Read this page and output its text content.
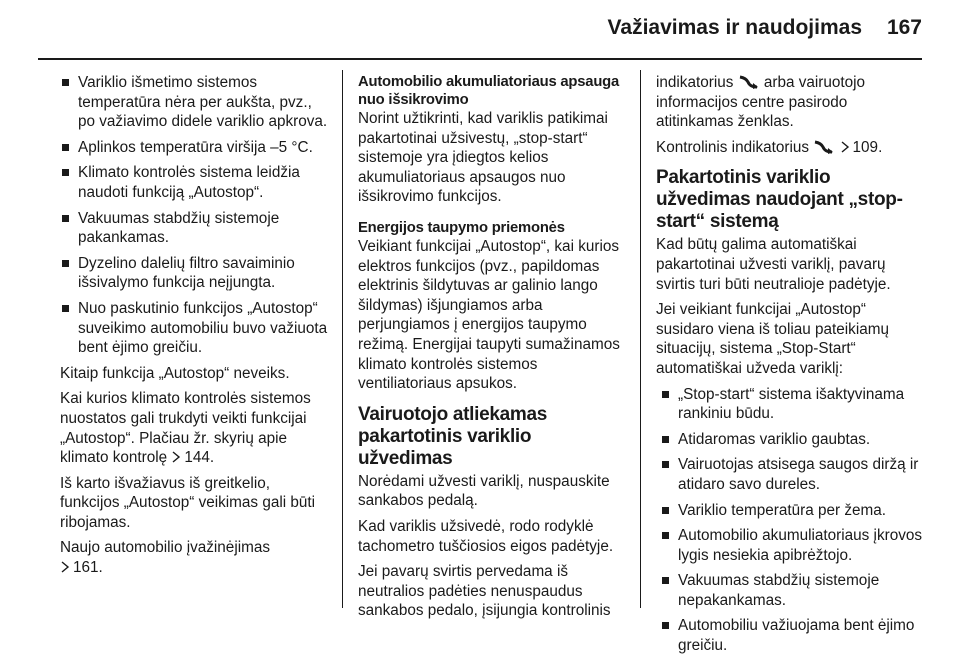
Važiavimas ir naudojimas 167
Variklio išmetimo sistemos temperatūra nėra per aukšta, pvz., po važiavimo didele variklio apkrova.
Aplinkos temperatūra viršija –5 °C.
Klimato kontrolės sistema leidžia naudoti funkciją „Autostop“.
Vakuumas stabdžių sistemoje pakankamas.
Dyzelino dalelių filtro savaiminio išsivalymo funkcija neįjungta.
Nuo paskutinio funkcijos „Autostop“ suveikimo automobiliu buvo važiuota bent ėjimo greičiu.

Kitaip funkcija „Autostop“ neveiks.

Kai kurios klimato kontrolės sistemos nuostatos gali trukdyti veikti funkcijai „Autostop“. Plačiau žr. skyrių apie klimato kontrolę 144.

Iš karto išvažiavus iš greitkelio, funkcijos „Autostop“ veikimas gali būti ribojamas.

Naujo automobilio įvažinėjimas
161.

Automobilio akumuliatoriaus apsauga nuo išsikrovimo

Norint užtikrinti, kad variklis patikimai pakartotinai užsivestų, „stop-start“ sistemoje yra įdiegtos kelios akumuliatoriaus apsaugos nuo išsikrovimo funkcijos.

Energijos taupymo priemonės

Veikiant funkcijai „Autostop“, kai kurios elektros funkcijos (pvz., papildomas elektrinis šildytuvas ar galinio lango šildymas) išjungiamos arba perjungiamos į energijos taupymo režimą. Energijai taupyti sumažinamos klimato kontrolės sistemos ventiliatoriaus apsukos.

Vairuotojo atliekamas pakartotinis variklio užvedimas

Norėdami užvesti variklį, nuspauskite sankabos pedalą.

Kad variklis užsivedė, rodo rodyklė tachometro tuščiosios eigos padėtyje.

Jei pavarų svirtis pervedama iš neutralios padėties nenuspaudus sankabos pedalo, įsijungia kontrolinis

indikatorius arba vairuotojo informacijos centre pasirodo atitinkamas ženklas.

Kontrolinis indikatorius	109.

Pakartotinis variklio užvedimas naudojant „stop-start“ sistemą

Kad būtų galima automatiškai pakartotinai užvesti variklį, pavarų svirtis turi būti neutralioje padėtyje.

Jei veikiant funkcijai „Autostop“ susidaro viena iš toliau pateikiamų situacijų, sistema „Stop-Start“ automatiškai užveda variklį:

„Stop-start“ sistema išaktyvinama rankiniu būdu.
Atidaromas variklio gaubtas.
Vairuotojas atsisega saugos diržą ir atidaro savo dureles.
Variklio temperatūra per žema.
Automobilio akumuliatoriaus įkrovos lygis nesiekia apibrėžtojo.
Vakuumas stabdžių sistemoje nepakankamas.
Automobiliu važiuojama bent ėjimo greičiu.
